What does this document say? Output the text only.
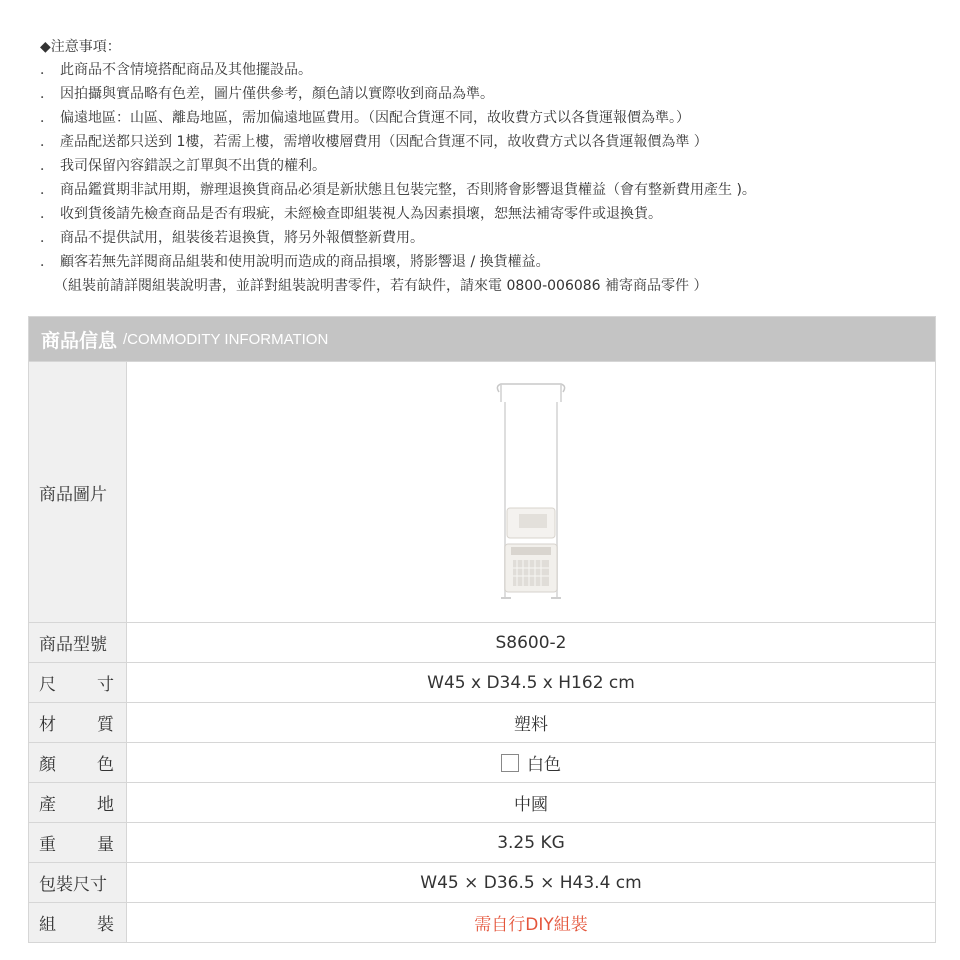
◆注意事項：
． 此商品不含情境搭配商品及其他擺設品。
． 因拍攝與實品略有色差，圖片僅供參考，顏色請以實際收到商品為準。
． 偏遠地區：山區、離島地區，需加偏遠地區費用。（因配合貨運不同，故收費方式以各貨運報價為準。）
． 產品配送都只送到 1樓，若需上樓，需增收樓層費用（因配合貨運不同，故收費方式以各貨運報價為準 ）
． 我司保留內容錯誤之訂單與不出貨的權利。
． 商品鑑賞期非試用期，辦理退換貨商品必須是新狀態且包裝完整，否則將會影響退貨權益（會有整新費用產生 )。
． 收到貨後請先檢查商品是否有瑕疵，未經檢查即組裝視人為因素損壞，恕無法補寄零件或退換貨。
． 商品不提供試用，組裝後若退換貨，將另外報價整新費用。
． 顧客若無先詳閱商品組裝和使用說明而造成的商品損壞，將影響退 / 換貨權益。
（組裝前請詳閱組裝說明書，並詳對組裝說明書零件，若有缺件，請來電 0800-006086 補寄商品零件 ）
商品信息 /COMMODITY INFORMATION
商品圖片
商品型號	S8600-2
尺 寸	W45 x D34.5 x H162 cm
材 質	塑料
顏 色	白色
產 地	中國
重 量	3.25 KG
包裝尺寸	W45 × D36.5 × H43.4 cm
組 裝	需自行DIY組裝
